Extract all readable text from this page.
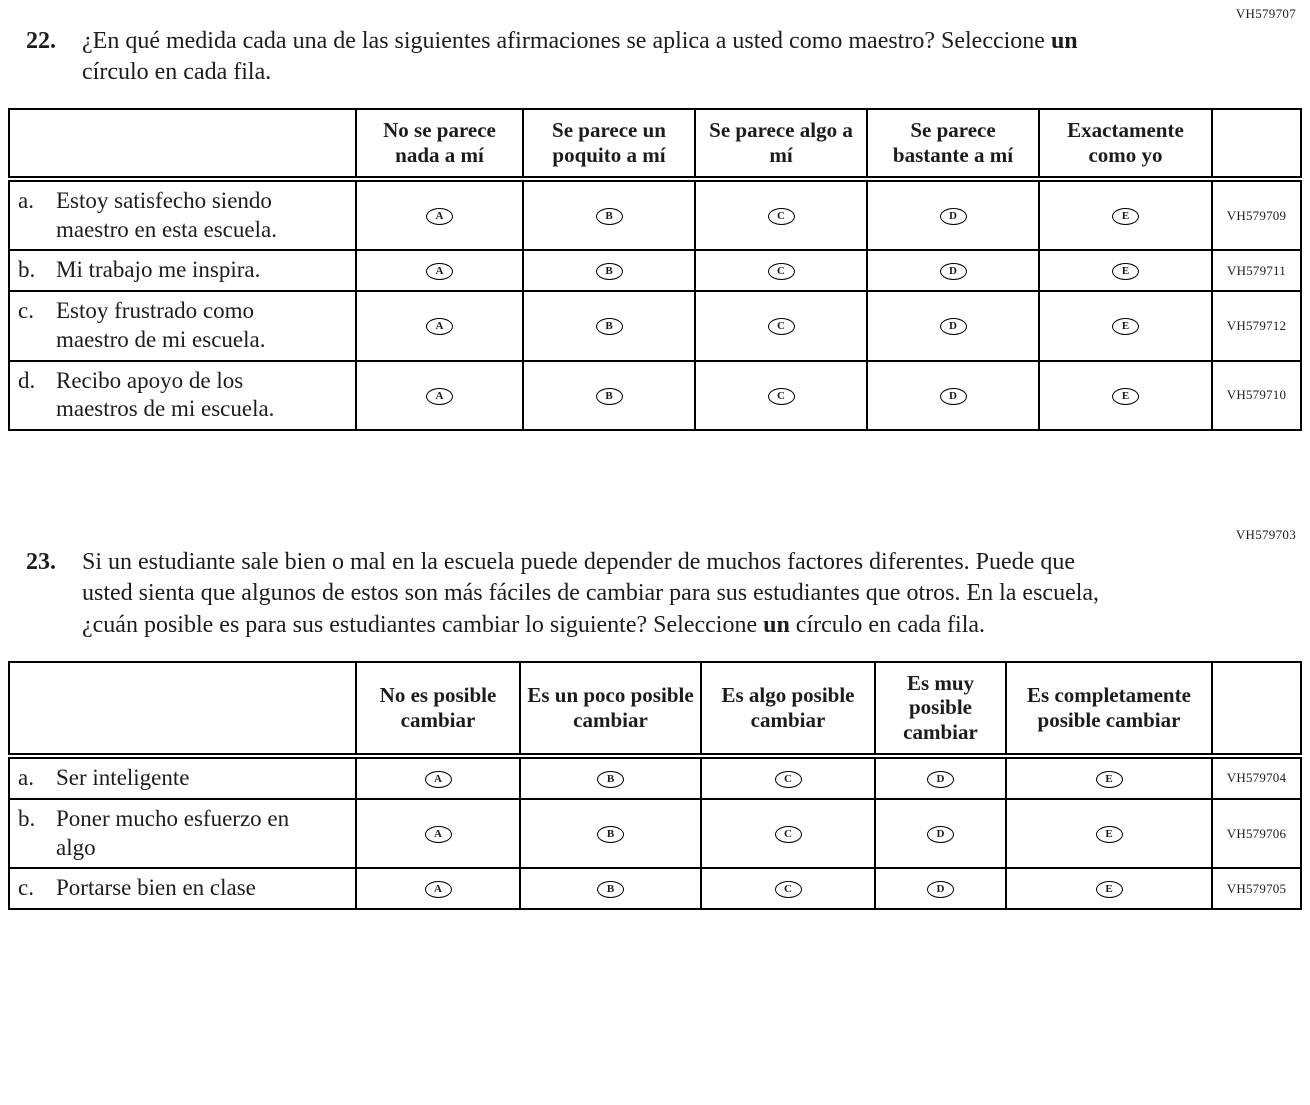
VH579707
22.	¿En qué medida cada una de las siguientes afirmaciones se aplica a usted como maestro? Seleccione un círculo en cada fila.
	No se parece nada a mí	Se parece un poquito a mí	Se parece algo a mí	Se parece bastante a mí	Exactamente como yo	

a. Estoy satisfecho siendo maestro en esta escuela.	A	B	C	D	E	VH579709

b. Mi trabajo me inspira.	A	B	C	D	E	VH579711

c. Estoy frustrado como maestro de mi escuela.	A	B	C	D	E	VH579712

d. Recibo apoyo de los maestros de mi escuela.	A	B	C	D	E	VH579710
VH579703
23.	Si un estudiante sale bien o mal en la escuela puede depender de muchos factores diferentes. Puede que usted sienta que algunos de estos son más fáciles de cambiar para sus estudiantes que otros. En la escuela, ¿cuán posible es para sus estudiantes cambiar lo siguiente? Seleccione un círculo en cada fila.
	No es posible cambiar	Es un poco posible cambiar	Es algo posible cambiar	Es muy posible cambiar	Es completamente posible cambiar	

a. Ser inteligente	A	B	C	D	E	VH579704

b. Poner mucho esfuerzo en algo	A	B	C	D	E	VH579706

c. Portarse bien en clase	A	B	C	D	E	VH579705
